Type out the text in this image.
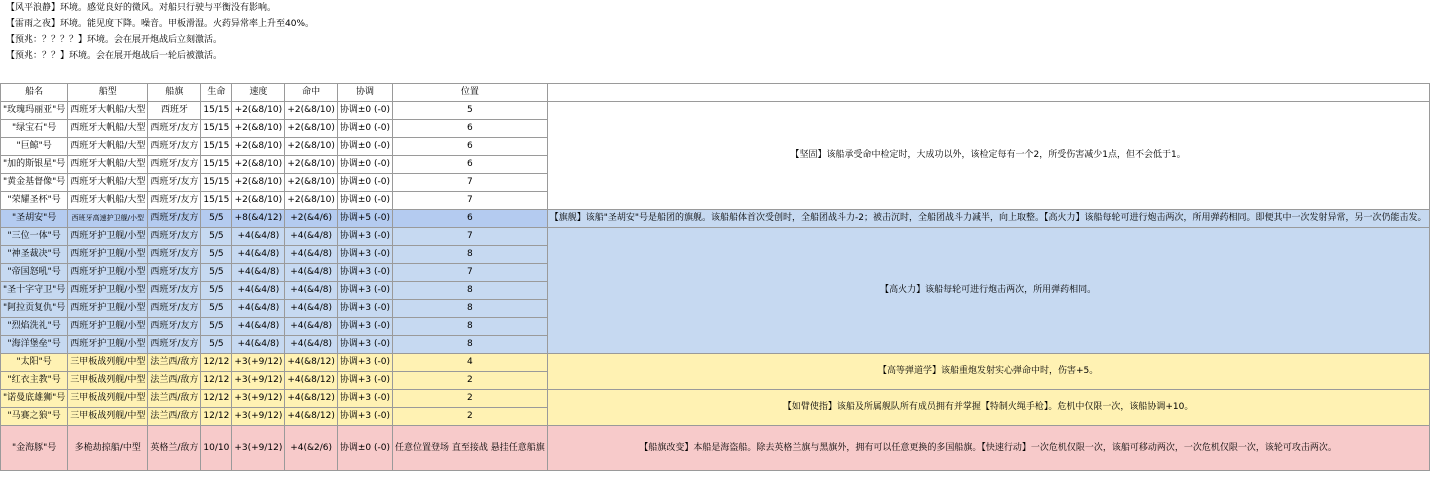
【风平浪静】环境。感觉良好的微风。对船只行驶与平衡没有影响。
【雷雨之夜】环境。能见度下降。噪音。甲板滑湿。火药异常率上升至40%。
【预兆：？？？？】环境。会在展开炮战后立刻激活。
【预兆：？？】环境。会在展开炮战后一轮后被激活。
船名	船型	船旗	生命	速度	命中	协调	位置	
"玫瑰玛丽亚"号	西班牙大帆船/大型	西班牙	15/15	+2(&8/10)	+2(&8/10)	协调±0 (-0)	5	【坚固】该船承受命中检定时，大成功以外，该检定每有一个2，所受伤害减少1点，但不会低于1。
"绿宝石"号	西班牙大帆船/大型	西班牙/友方	15/15	+2(&8/10)	+2(&8/10)	协调±0 (-0)	6	
"巨鲸"号	西班牙大帆船/大型	西班牙/友方	15/15	+2(&8/10)	+2(&8/10)	协调±0 (-0)	6	
"加的斯银星"号	西班牙大帆船/大型	西班牙/友方	15/15	+2(&8/10)	+2(&8/10)	协调±0 (-0)	6	
"黄金基督像"号	西班牙大帆船/大型	西班牙/友方	15/15	+2(&8/10)	+2(&8/10)	协调±0 (-0)	7	
"荣耀圣杯"号	西班牙大帆船/大型	西班牙/友方	15/15	+2(&8/10)	+2(&8/10)	协调±0 (-0)	7	
"圣胡安"号	西班牙高速护卫舰/小型	西班牙/友方	5/5	+8(&4/12)	+2(&4/6)	协调+5 (-0)	6	【旗舰】该船"圣胡安"号是船团的旗舰。该船船体首次受创时，全船团战斗力-2；被击沉时，全船团战斗力减半，向上取整。【高火力】该船每轮可进行炮击两次，所用弹药相同。即便其中一次发射异常，另一次仍能击发。
"三位一体"号	西班牙护卫舰/小型	西班牙/友方	5/5	+4(&4/8)	+4(&4/8)	协调+3 (-0)	7	【高火力】该船每轮可进行炮击两次，所用弹药相同。
"神圣裁决"号	西班牙护卫舰/小型	西班牙/友方	5/5	+4(&4/8)	+4(&4/8)	协调+3 (-0)	8	
"帝国怒吼"号	西班牙护卫舰/小型	西班牙/友方	5/5	+4(&4/8)	+4(&4/8)	协调+3 (-0)	7	
"圣十字守卫"号	西班牙护卫舰/小型	西班牙/友方	5/5	+4(&4/8)	+4(&4/8)	协调+3 (-0)	8	
"阿拉贡复仇"号	西班牙护卫舰/小型	西班牙/友方	5/5	+4(&4/8)	+4(&4/8)	协调+3 (-0)	8	
"烈焰洗礼"号	西班牙护卫舰/小型	西班牙/友方	5/5	+4(&4/8)	+4(&4/8)	协调+3 (-0)	8	
"海洋堡垒"号	西班牙护卫舰/小型	西班牙/友方	5/5	+4(&4/8)	+4(&4/8)	协调+3 (-0)	8	
"太阳"号	三甲板战列舰/中型	法兰西/敌方	12/12	+3(+9/12)	+4(&8/12)	协调+3 (-0)	4	【高等弹道学】该船重炮发射实心弹命中时，伤害+5。
"红衣主教"号	三甲板战列舰/中型	法兰西/敌方	12/12	+3(+9/12)	+4(&8/12)	协调+3 (-0)	2	
"诺曼底雄狮"号	三甲板战列舰/中型	法兰西/敌方	12/12	+3(+9/12)	+4(&8/12)	协调+3 (-0)	2	【如臂使指】该船及所属舰队所有成员拥有并掌握【特制火绳手枪】。危机中仅限一次，该船协调+10。
"马赛之狼"号	三甲板战列舰/中型	法兰西/敌方	12/12	+3(+9/12)	+4(&8/12)	协调+3 (-0)	2	
"金海豚"号	多桅劫掠船/中型	英格兰/敌方	10/10	+3(+9/12)	+4(&2/6)	协调±0 (-0)	任意位置登场 直至接战 悬挂任意船旗	【船旗改变】本船是海盗船。除去英格兰旗与黑旗外，拥有可以任意更换的多国船旗。【快速行动】一次危机仅限一次，该船可移动两次，一次危机仅限一次，该轮可攻击两次。
